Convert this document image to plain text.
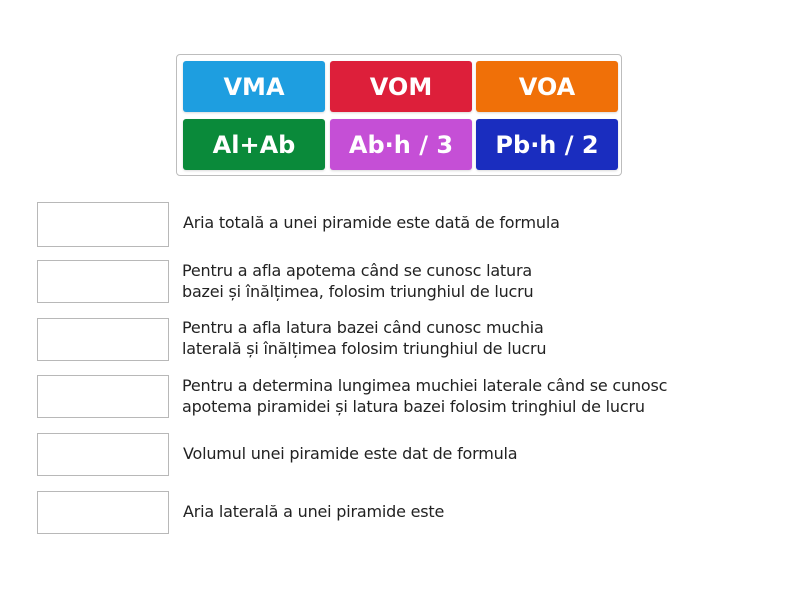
VMA	VOM	VOA
Al+Ab	Ab·h / 3	Pb·h / 2
Aria totală a unei piramide este dată de formula
Pentru a afla apotema când se cunosc latura
bazei și înălțimea, folosim triunghiul de lucru
Pentru a afla latura bazei când cunosc muchia
laterală și înălțimea folosim triunghiul de lucru
Pentru a determina lungimea muchiei laterale când se cunosc
apotema piramidei și latura bazei folosim tringhiul de lucru
Volumul unei piramide este dat de formula
Aria laterală a unei piramide este
